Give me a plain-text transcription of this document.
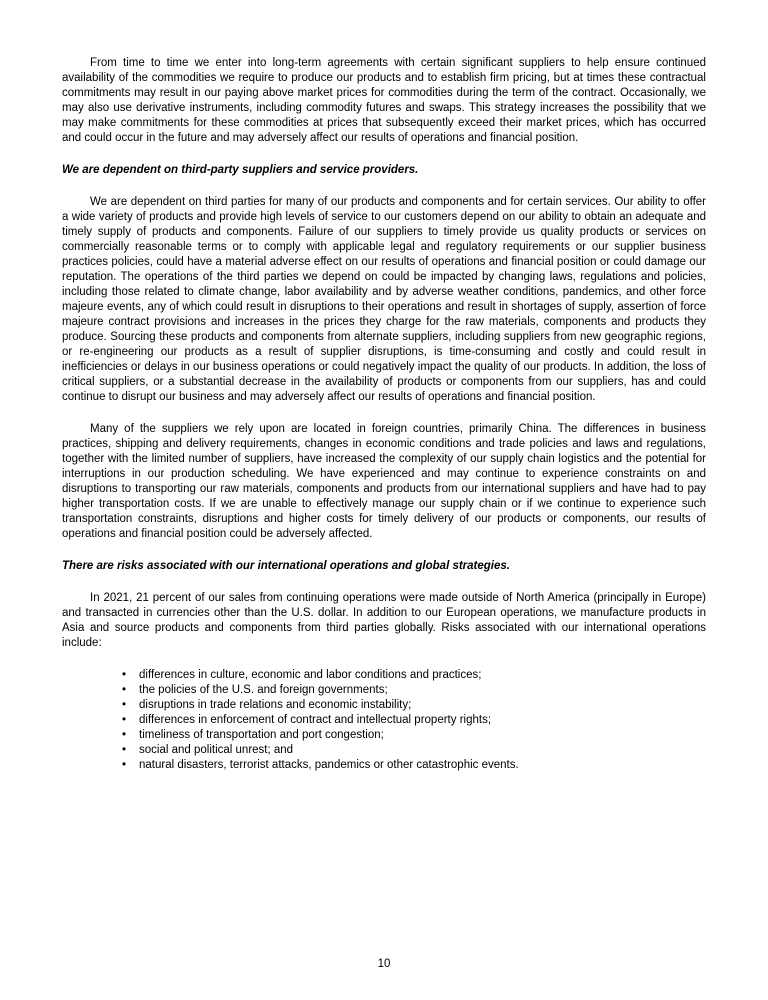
From time to time we enter into long-term agreements with certain significant suppliers to help ensure continued availability of the commodities we require to produce our products and to establish firm pricing, but at times these contractual commitments may result in our paying above market prices for commodities during the term of the contract. Occasionally, we may also use derivative instruments, including commodity futures and swaps. This strategy increases the possibility that we may make commitments for these commodities at prices that subsequently exceed their market prices, which has occurred and could occur in the future and may adversely affect our results of operations and financial position.

We are dependent on third-party suppliers and service providers.

We are dependent on third parties for many of our products and components and for certain services. Our ability to offer a wide variety of products and provide high levels of service to our customers depend on our ability to obtain an adequate and timely supply of products and components. Failure of our suppliers to timely provide us quality products or services on commercially reasonable terms or to comply with applicable legal and regulatory requirements or our supplier business practices policies, could have a material adverse effect on our results of operations and financial position or could damage our reputation. The operations of the third parties we depend on could be impacted by changing laws, regulations and policies, including those related to climate change, labor availability and by adverse weather conditions, pandemics, and other force majeure events, any of which could result in disruptions to their operations and result in shortages of supply, assertion of force majeure contract provisions and increases in the prices they charge for the raw materials, components and products they produce. Sourcing these products and components from alternate suppliers, including suppliers from new geographic regions, or re-engineering our products as a result of supplier disruptions, is time-consuming and costly and could result in inefficiencies or delays in our business operations or could negatively impact the quality of our products. In addition, the loss of critical suppliers, or a substantial decrease in the availability of products or components from our suppliers, has and could continue to disrupt our business and may adversely affect our results of operations and financial position.

Many of the suppliers we rely upon are located in foreign countries, primarily China. The differences in business practices, shipping and delivery requirements, changes in economic conditions and trade policies and laws and regulations, together with the limited number of suppliers, have increased the complexity of our supply chain logistics and the potential for interruptions in our production scheduling. We have experienced and may continue to experience constraints on and disruptions to transporting our raw materials, components and products from our international suppliers and have had to pay higher transportation costs. If we are unable to effectively manage our supply chain or if we continue to experience such transportation constraints, disruptions and higher costs for timely delivery of our products or components, our results of operations and financial position could be adversely affected.

There are risks associated with our international operations and global strategies.

In 2021, 21 percent of our sales from continuing operations were made outside of North America (principally in Europe) and transacted in currencies other than the U.S. dollar. In addition to our European operations, we manufacture products in Asia and source products and components from third parties globally. Risks associated with our international operations include:

•	differences in culture, economic and labor conditions and practices;
•	the policies of the U.S. and foreign governments;
•	disruptions in trade relations and economic instability;
•	differences in enforcement of contract and intellectual property rights;
•	timeliness of transportation and port congestion;
•	social and political unrest; and
•	natural disasters, terrorist attacks, pandemics or other catastrophic events.
10
